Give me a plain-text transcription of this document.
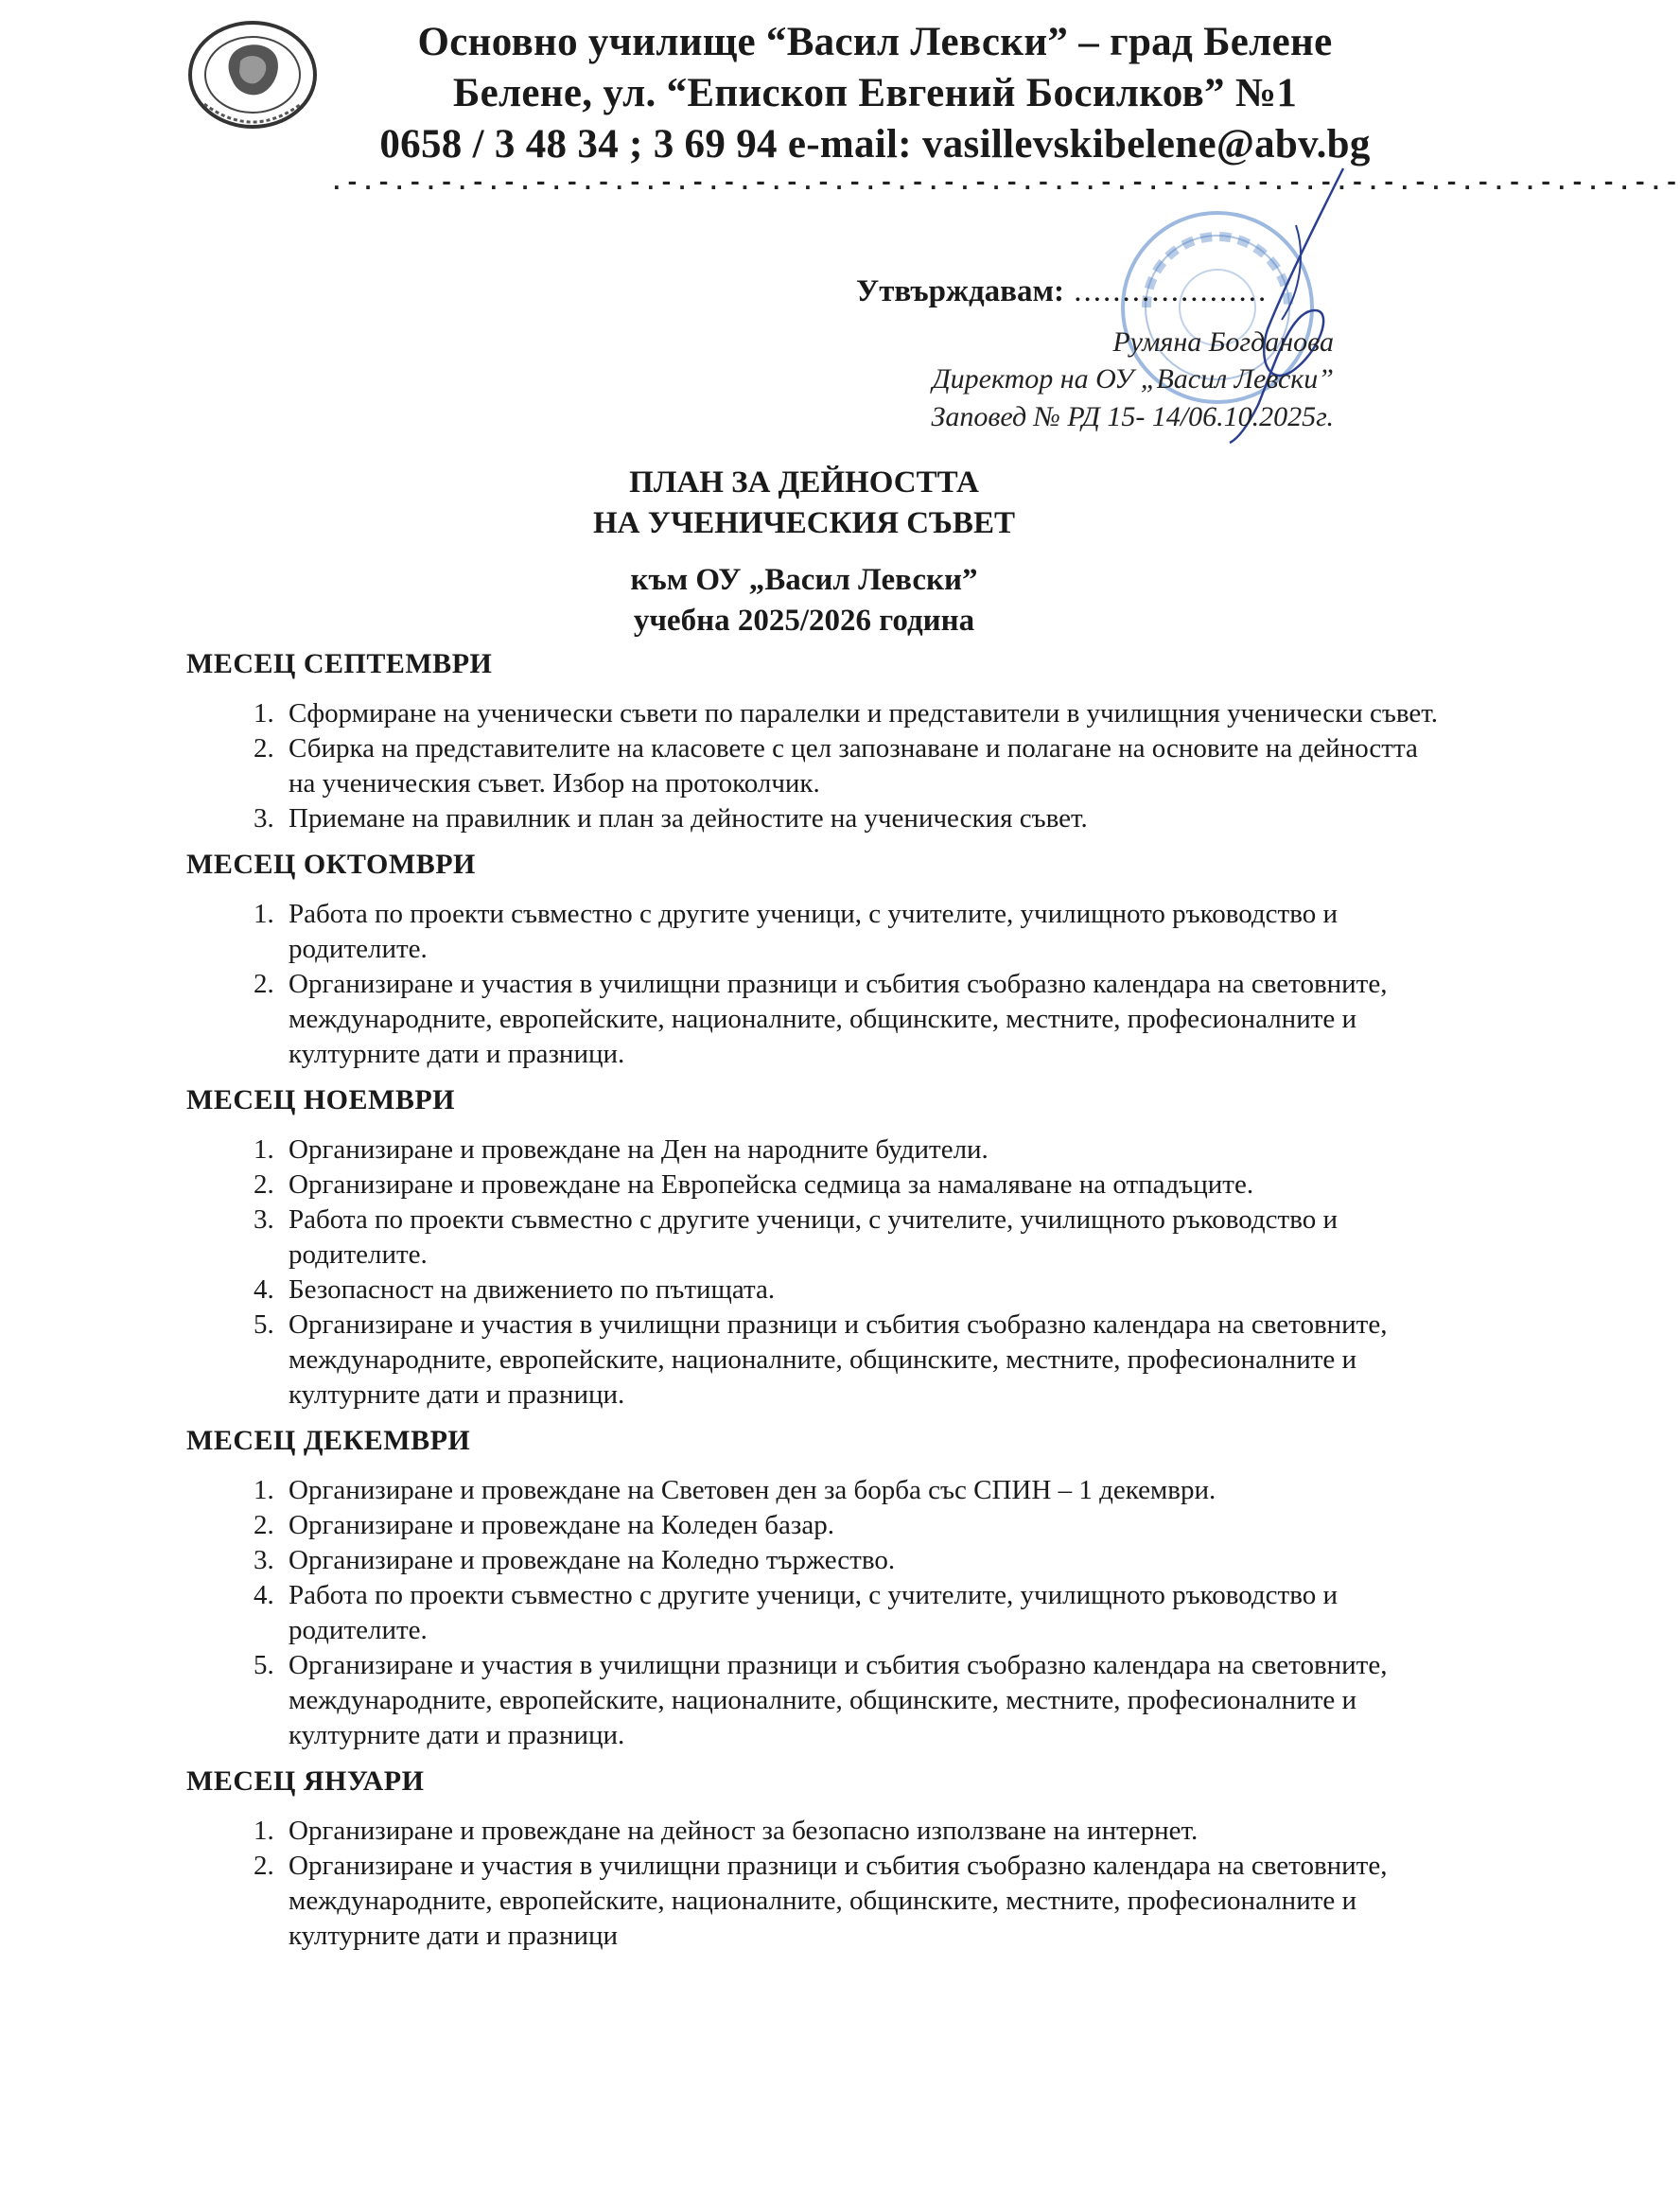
Основно училище “Васил Левски” – град Белене
Белене, ул. “Епископ Евгений Босилков” №1
0658 / 3 48 34 ; 3 69 94 e-mail: vasillevskibelene@abv.bg
.-.-.-.-.-.-.-.-.-.-.-.-.-.-.-.-.-.-.-.-.-.-.-.-.-.-.-.-.-.-.-.-.-.-.-.-.-.-.-.-.-.-.-
Утвърждавам: ....................
Румяна Богданова
Директор на ОУ „Васил Левски”
Заповед № РД 15- 14/06.10.2025г.
ПЛАН ЗА ДЕЙНОСТТА
НА УЧЕНИЧЕСКИЯ СЪВЕТ
към ОУ „Васил Левски”
учебна 2025/2026 година
МЕСЕЦ СЕПТЕМВРИ
1. Сформиране на ученически съвети по паралелки и представители в училищния ученически съвет.
2. Сбирка на представителите на класовете с цел запознаване и полагане на основите на дейността на ученическия съвет. Избор на протоколчик.
3. Приемане на правилник и план за дейностите на ученическия съвет.
МЕСЕЦ ОКТОМВРИ
1. Работа по проекти съвместно с другите ученици, с учителите, училищното ръководство и родителите.
2. Организиране и участия в училищни празници и събития съобразно календара на световните, международните, европейските, националните, общинските, местните, професионалните и културните дати и празници.
МЕСЕЦ НОЕМВРИ
1. Организиране и провеждане на Ден на народните будители.
2. Организиране и провеждане на Европейска седмица за намаляване на отпадъците.
3. Работа по проекти съвместно с другите ученици, с учителите, училищното ръководство и родителите.
4. Безопасност на движението по пътищата.
5. Организиране и участия в училищни празници и събития съобразно календара на световните, международните, европейските, националните, общинските, местните, професионалните и културните дати и празници.
МЕСЕЦ ДЕКЕМВРИ
1. Организиране и провеждане на Световен ден за борба със СПИН – 1 декември.
2. Организиране и провеждане на Коледен базар.
3. Организиране и провеждане на Коледно тържество.
4. Работа по проекти съвместно с другите ученици, с учителите, училищното ръководство и родителите.
5. Организиране и участия в училищни празници и събития съобразно календара на световните, международните, европейските, националните, общинските, местните, професионалните и културните дати и празници.
МЕСЕЦ ЯНУАРИ
1. Организиране и провеждане на дейност за безопасно използване на интернет.
2. Организиране и участия в училищни празници и събития съобразно календара на световните, международните, европейските, националните, общинските, местните, професионалните и културните дати и празници
